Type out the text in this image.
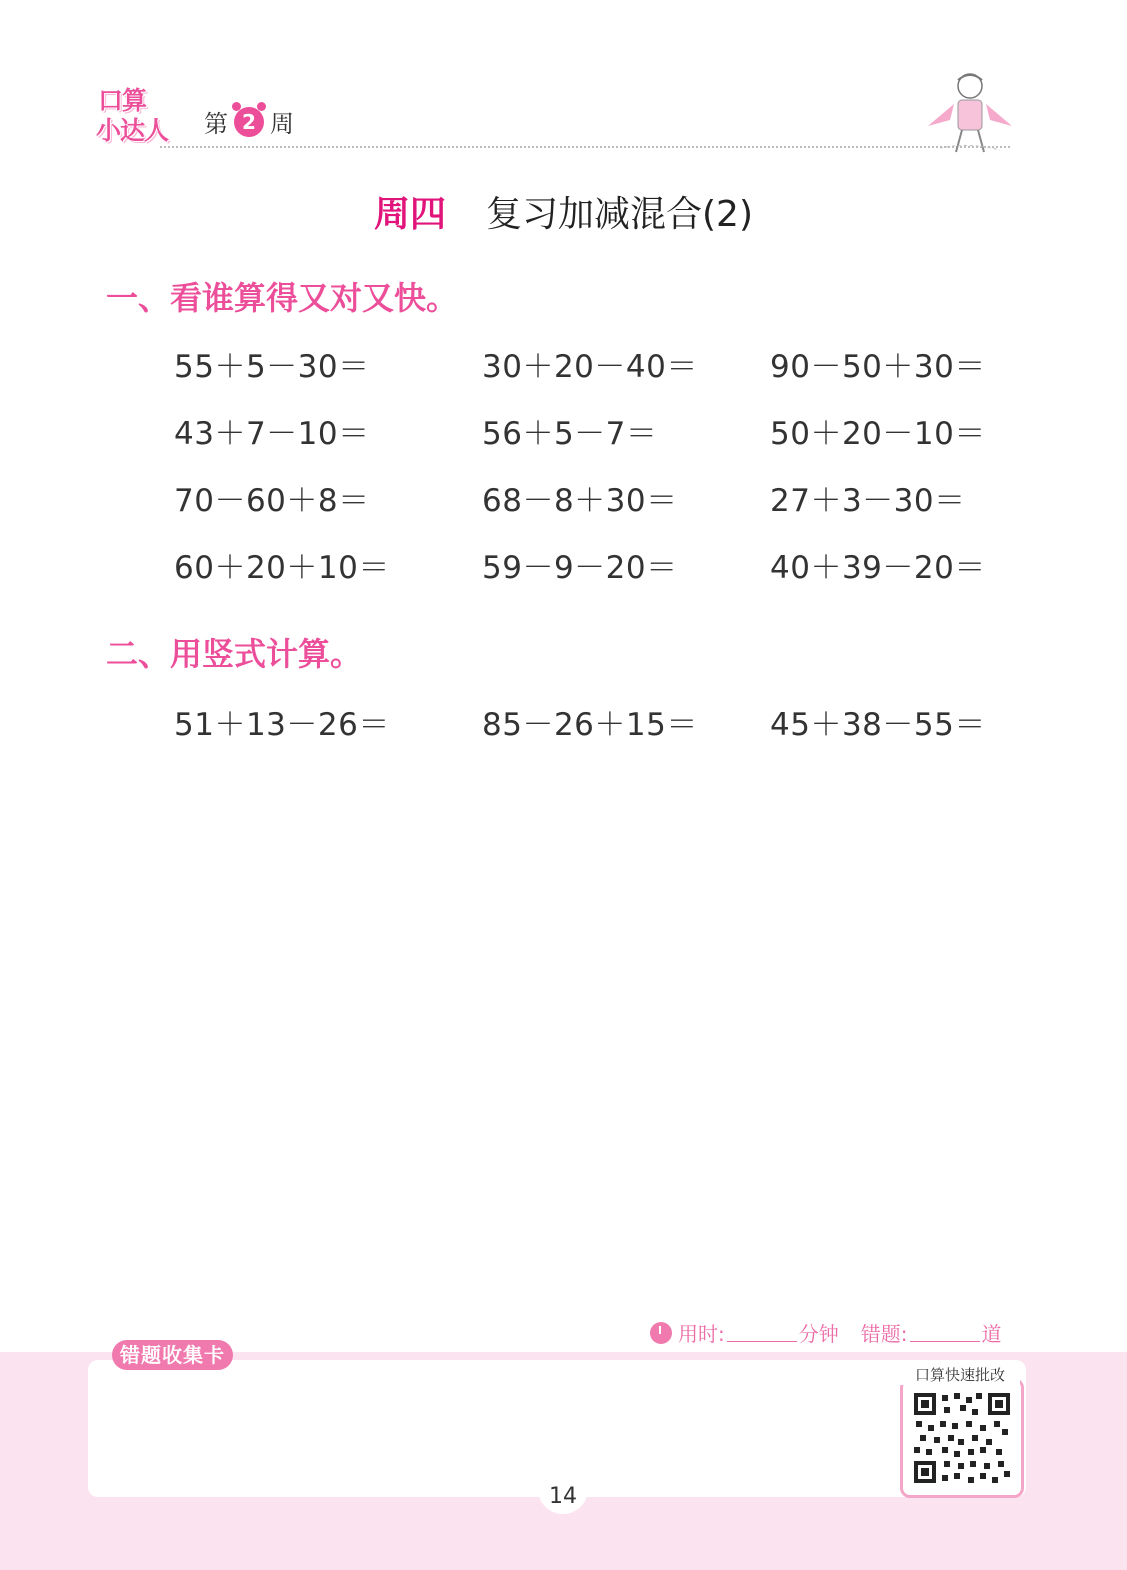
口算
小达人 第 2 周
周四 复习加减混合(2)
一、看谁算得又对又快。
55＋5－30＝	30＋20－40＝ 90－50＋30＝
43＋7－10＝	56＋5－7＝	50＋20－10＝
70－60＋8＝	68－8＋30＝	27＋3－30＝
60＋20＋10＝	59－9－20＝	40＋39－20＝
二、用竖式计算。
51＋13－26＝	85－26＋15＝ 45＋38－55＝
用时:	分钟 错题:	道
错题收集卡
口算快速批改
14
